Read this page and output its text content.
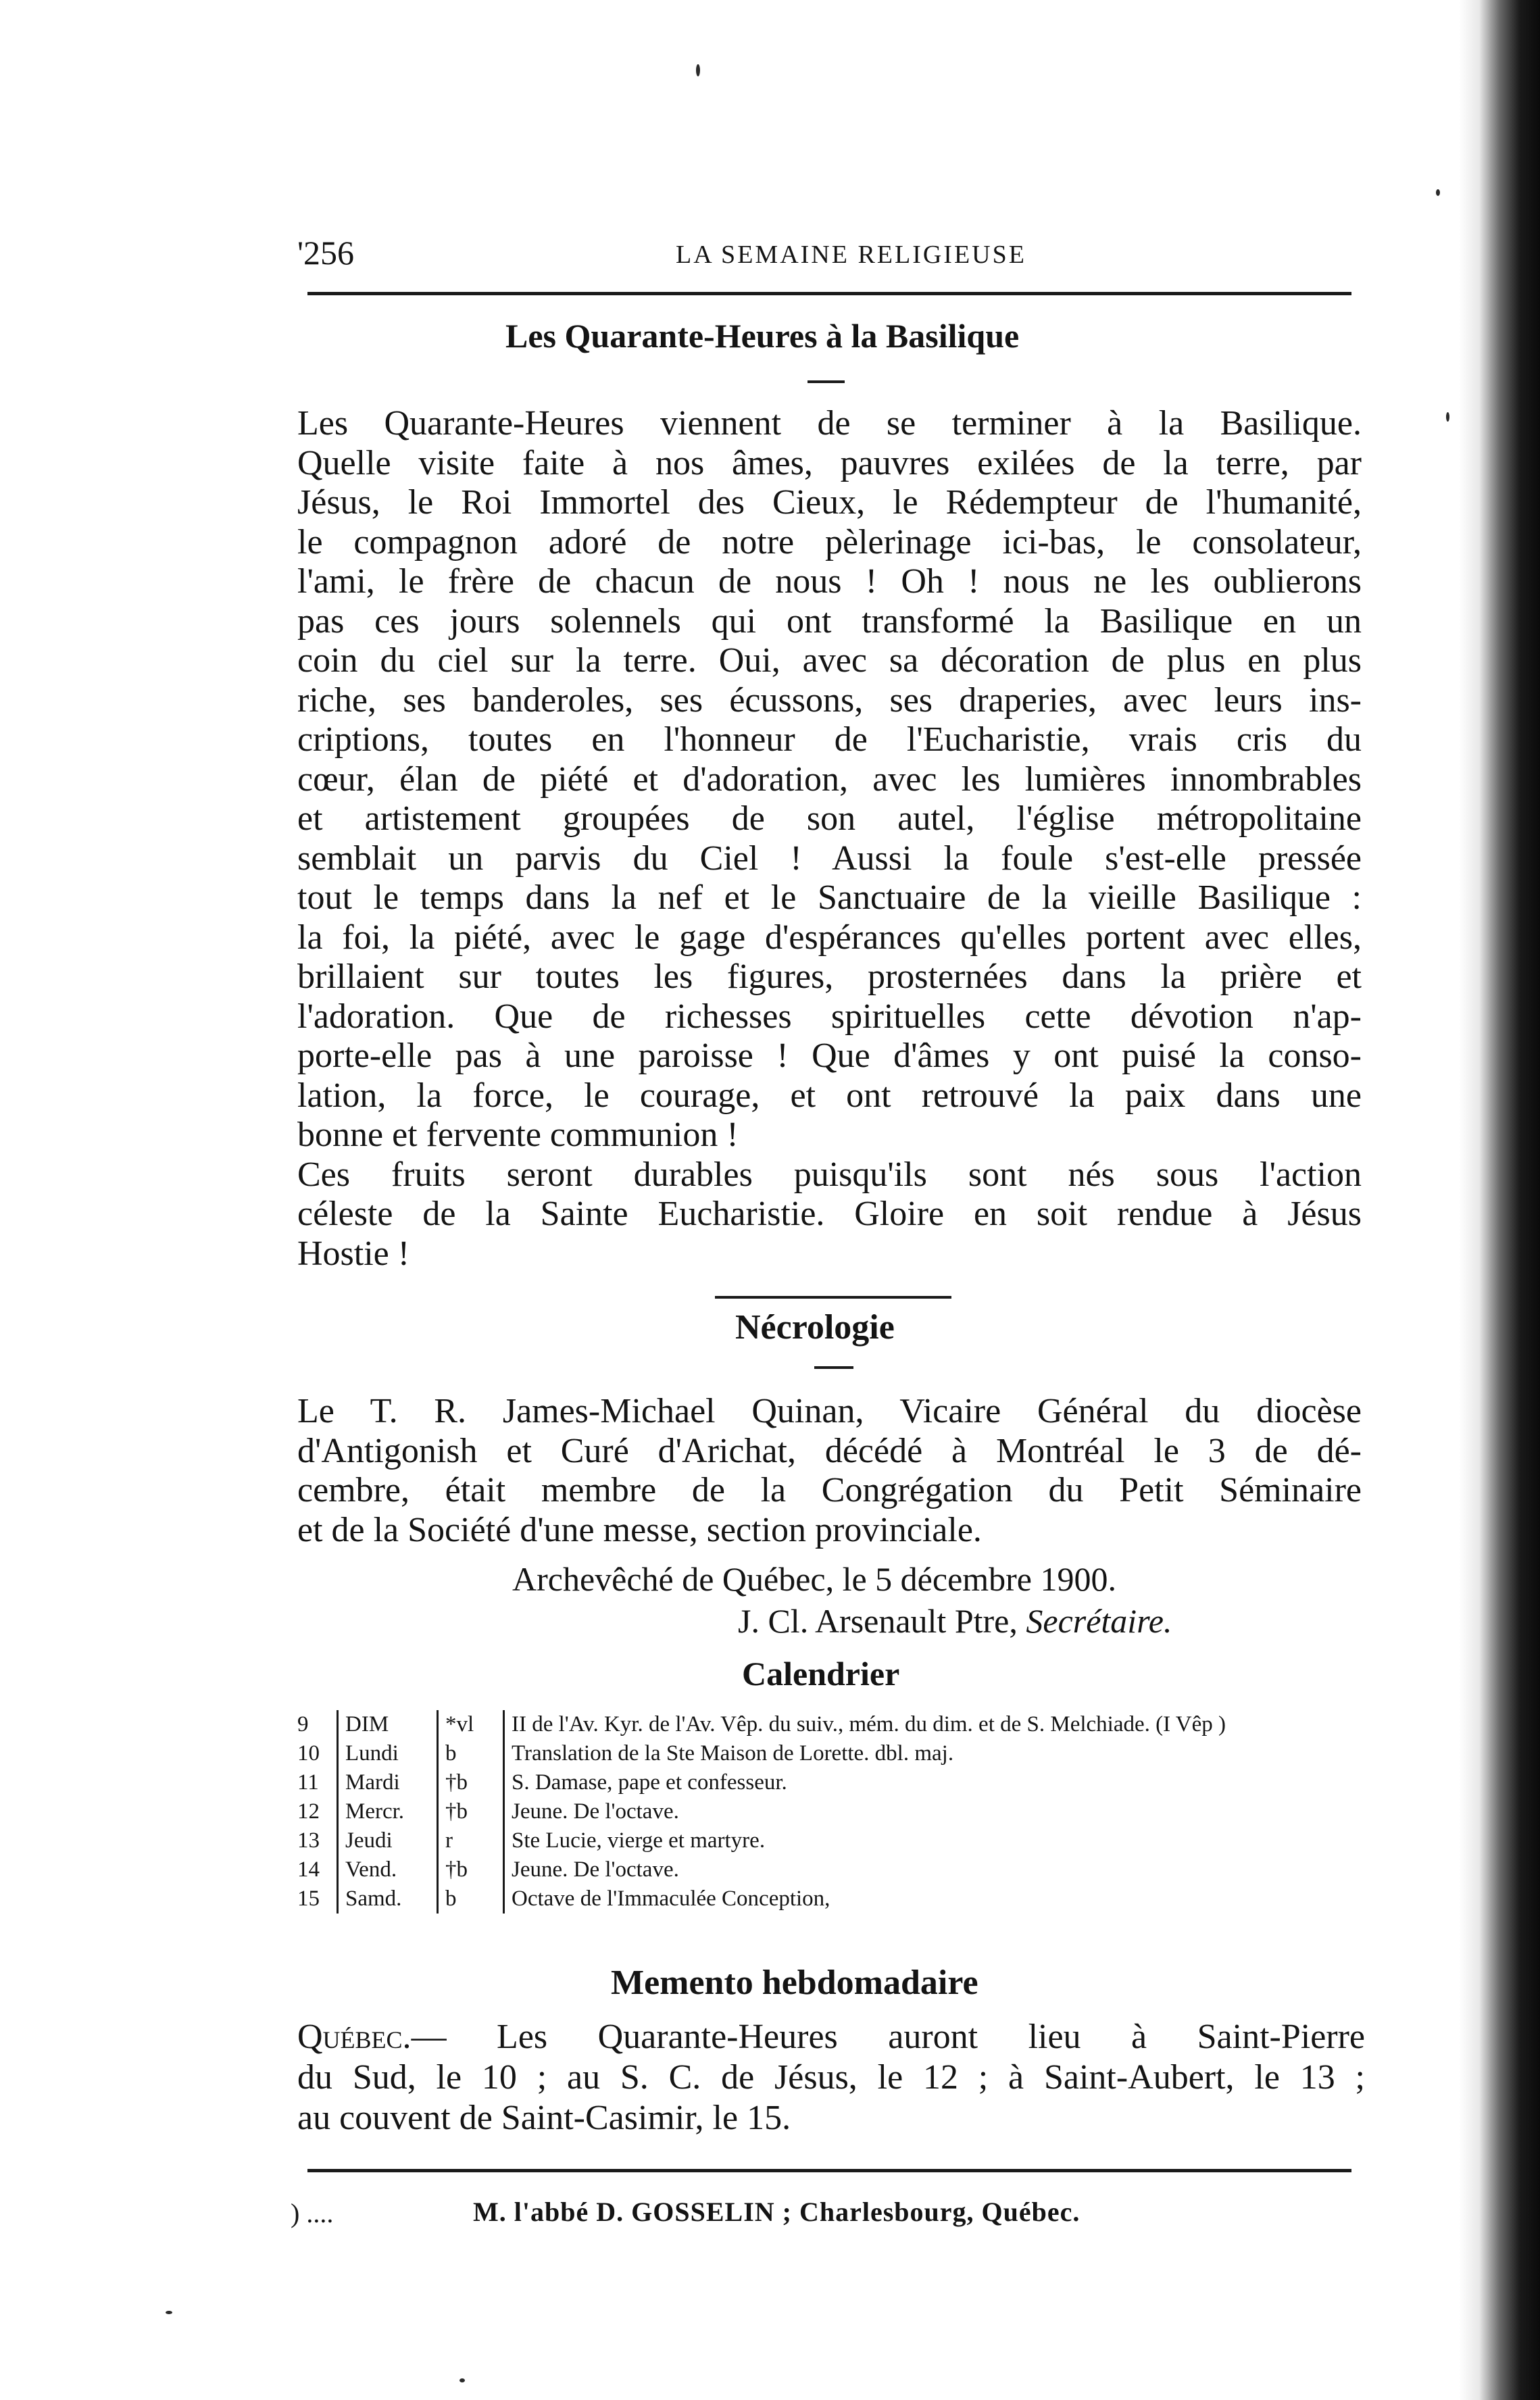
'256	LA SEMAINE RELIGIEUSE
Les Quarante-Heures à la Basilique
Les Quarante-Heures viennent de se terminer à la Basilique.
Quelle visite faite à nos âmes, pauvres exilées de la terre, par
Jésus, le Roi Immortel des Cieux, le Rédempteur de l'humanité,
le compagnon adoré de notre pèlerinage ici-bas, le consolateur,
l'ami, le frère de chacun de nous ! Oh ! nous ne les oublierons
pas ces jours solennels qui ont transformé la Basilique en un
coin du ciel sur la terre. Oui, avec sa décoration de plus en plus
riche, ses banderoles, ses écussons, ses draperies, avec leurs ins-
criptions, toutes en l'honneur de l'Eucharistie, vrais cris du
cœur, élan de piété et d'adoration, avec les lumières innombrables
et artistement groupées de son autel, l'église métropolitaine
semblait un parvis du Ciel ! Aussi la foule s'est-elle pressée
tout le temps dans la nef et le Sanctuaire de la vieille Basilique :
la foi, la piété, avec le gage d'espérances qu'elles portent avec elles,
brillaient sur toutes les figures, prosternées dans la prière et
l'adoration. Que de richesses spirituelles cette dévotion n'ap-
porte-elle pas à une paroisse ! Que d'âmes y ont puisé la conso-
lation, la force, le courage, et ont retrouvé la paix dans une
bonne et fervente communion !
Ces fruits seront durables puisqu'ils sont nés sous l'action
céleste de la Sainte Eucharistie. Gloire en soit rendue à Jésus
Hostie !
Nécrologie
Le T. R. James-Michael Quinan, Vicaire Général du diocèse
d'Antigonish et Curé d'Arichat, décédé à Montréal le 3 de dé-
cembre, était membre de la Congrégation du Petit Séminaire
et de la Société d'une messe, section provinciale.
Archevêché de Québec, le 5 décembre 1900.
J. Cl. Arsenault Ptre, Secrétaire.
Calendrier
9	DIM	*vl	II de l'Av. Kyr. de l'Av. Vêp. du suiv., mém. du dim. et de S. Melchiade. (I Vêp )
10	Lundi	b	Translation de la Ste Maison de Lorette. dbl. maj.
11	Mardi	†b	S. Damase, pape et confesseur.
12	Mercr.	†b	Jeune. De l'octave.
13	Jeudi	r	Ste Lucie, vierge et martyre.
14	Vend.	†b	Jeune. De l'octave.
15	Samd.	b	Octave de l'Immaculée Conception,
Memento hebdomadaire
Québec.— Les Quarante-Heures auront lieu à Saint-Pierre
du Sud, le 10 ; au S. C. de Jésus, le 12 ; à Saint-Aubert, le 13 ;
au couvent de Saint-Casimir, le 15.
) ....	M. l'abbé D. GOSSELIN ; Charlesbourg, Québec.
